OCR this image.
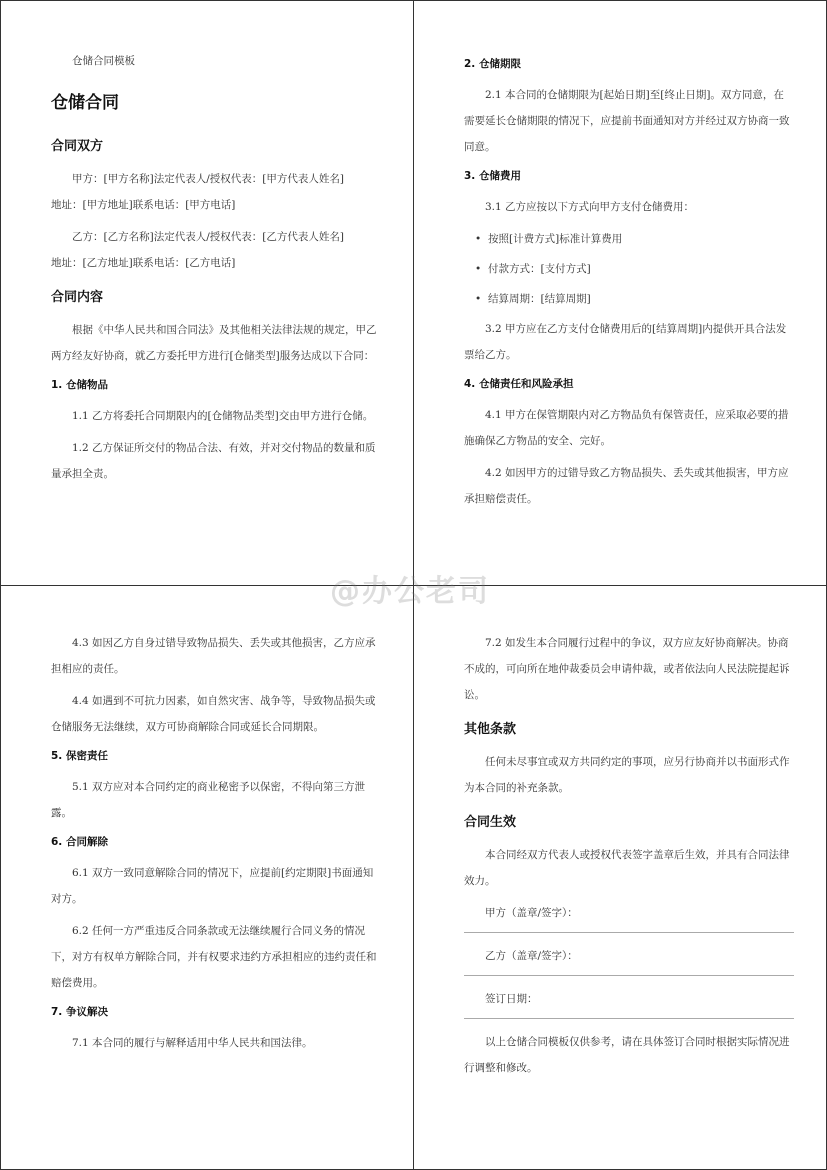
仓储合同模板
仓储合同
合同双方
甲方：[甲方名称]法定代表人/授权代表：[甲方代表人姓名]
地址：[甲方地址]联系电话：[甲方电话]
乙方：[乙方名称]法定代表人/授权代表：[乙方代表人姓名]
地址：[乙方地址]联系电话：[乙方电话]
合同内容
根据《中华人民共和国合同法》及其他相关法律法规的规定，甲乙两方经友好协商，就乙方委托甲方进行[仓储类型]服务达成以下合同：
1. 仓储物品
1.1 乙方将委托合同期限内的[仓储物品类型]交由甲方进行仓储。
1.2 乙方保证所交付的物品合法、有效，并对交付物品的数量和质量承担全责。
2. 仓储期限
2.1 本合同的仓储期限为[起始日期]至[终止日期]。双方同意，在需要延长仓储期限的情况下，应提前书面通知对方并经过双方协商一致同意。
3. 仓储费用
3.1 乙方应按以下方式向甲方支付仓储费用：
• 按照[计费方式]标准计算费用
• 付款方式：[支付方式]
• 结算周期：[结算周期]
3.2 甲方应在乙方支付仓储费用后的[结算周期]内提供开具合法发票给乙方。
4. 仓储责任和风险承担
4.1 甲方在保管期限内对乙方物品负有保管责任，应采取必要的措施确保乙方物品的安全、完好。
4.2 如因甲方的过错导致乙方物品损失、丢失或其他损害，甲方应承担赔偿责任。
@办公老司
4.3 如因乙方自身过错导致物品损失、丢失或其他损害，乙方应承担相应的责任。
4.4 如遇到不可抗力因素，如自然灾害、战争等，导致物品损失或仓储服务无法继续，双方可协商解除合同或延长合同期限。
5. 保密责任
5.1 双方应对本合同约定的商业秘密予以保密，不得向第三方泄露。
6. 合同解除
6.1 双方一致同意解除合同的情况下，应提前[约定期限]书面通知对方。
6.2 任何一方严重违反合同条款或无法继续履行合同义务的情况下，对方有权单方解除合同，并有权要求违约方承担相应的违约责任和赔偿费用。
7. 争议解决
7.1 本合同的履行与解释适用中华人民共和国法律。
7.2 如发生本合同履行过程中的争议，双方应友好协商解决。协商不成的，可向所在地仲裁委员会申请仲裁，或者依法向人民法院提起诉讼。
其他条款
任何未尽事宜或双方共同约定的事项，应另行协商并以书面形式作为本合同的补充条款。
合同生效
本合同经双方代表人或授权代表签字盖章后生效，并具有合同法律效力。
甲方（盖章/签字）：
乙方（盖章/签字）：
签订日期：
以上仓储合同模板仅供参考，请在具体签订合同时根据实际情况进行调整和修改。
